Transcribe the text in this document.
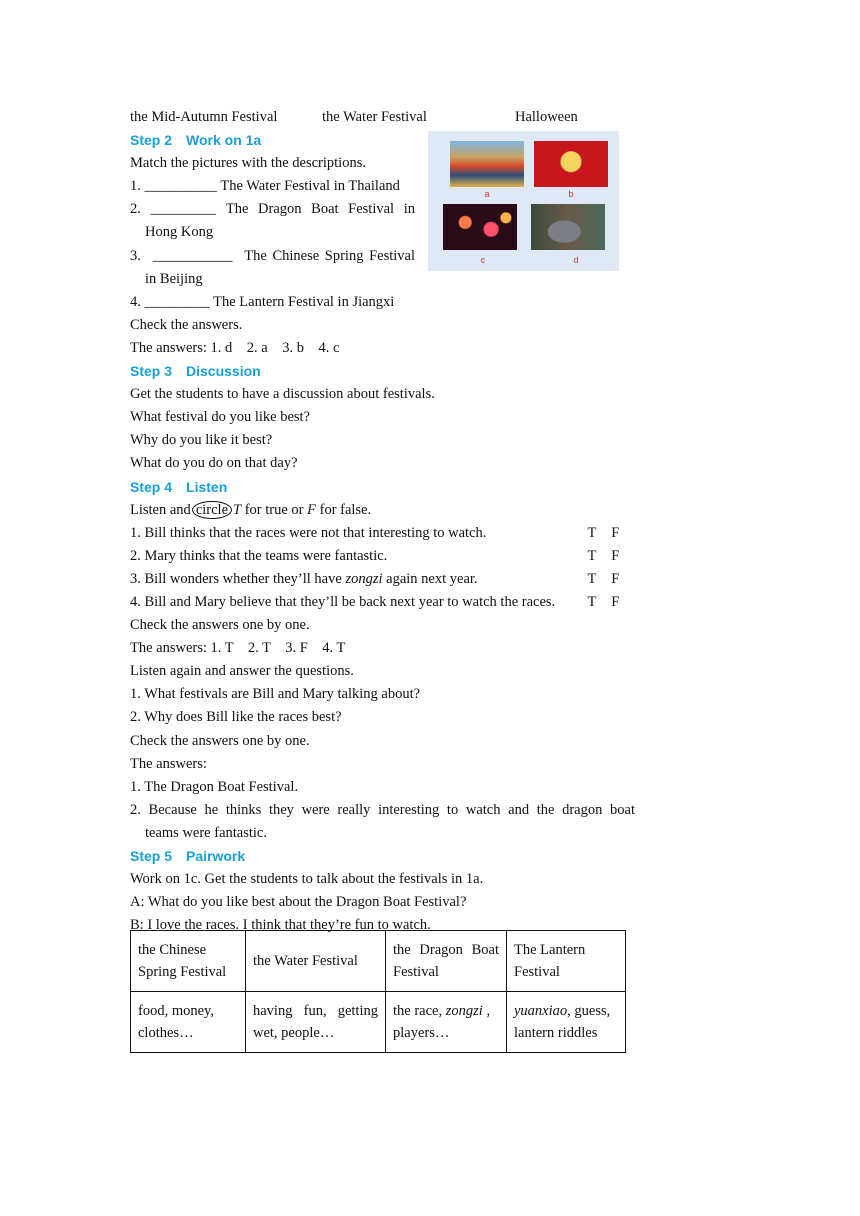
the Mid-Autumn Festival	the Water Festival	Halloween
Step 2 Work on 1a
Match the pictures with the descriptions.
1. __________ The Water Festival in Thailand
2. _________ The Dragon Boat Festival in
Hong Kong
3. ___________ The Chinese Spring Festival
in Beijing
4. _________ The Lantern Festival in Jiangxi
Check the answers.
The answers: 1. d    2. a    3. b    4. c
Step 3 Discussion
Get the students to have a discussion about festivals.
What festival do you like best?
Why do you like it best?
What do you do on that day?
Step 4 Listen
Listen and circle T for true or F for false.
1. Bill thinks that the races were not that interesting to watch.	T	F
2. Mary thinks that the teams were fantastic.	T	F
3. Bill wonders whether they’ll have zongzi again next year.	T	F
4. Bill and Mary believe that they’ll be back next year to watch the races.	T	F
Check the answers one by one.
The answers: 1. T    2. T    3. F    4. T
Listen again and answer the questions.
1. What festivals are Bill and Mary talking about?
2. Why does Bill like the races best?
Check the answers one by one.
The answers:
1. The Dragon Boat Festival.
2. Because he thinks they were really interesting to watch and the dragon boat
teams were fantastic.
Step 5 Pairwork
Work on 1c. Get the students to talk about the festivals in 1a.
A: What do you like best about the Dragon Boat Festival?
B: I love the races. I think that they’re fun to watch.
a	b
c	d
the Chinese Spring Festival	the Water Festival	the Dragon Boat Festival	The Lantern Festival
food, money, clothes…	having fun, getting wet, people…	the race, zongzi , players…	yuanxiao, guess, lantern riddles
